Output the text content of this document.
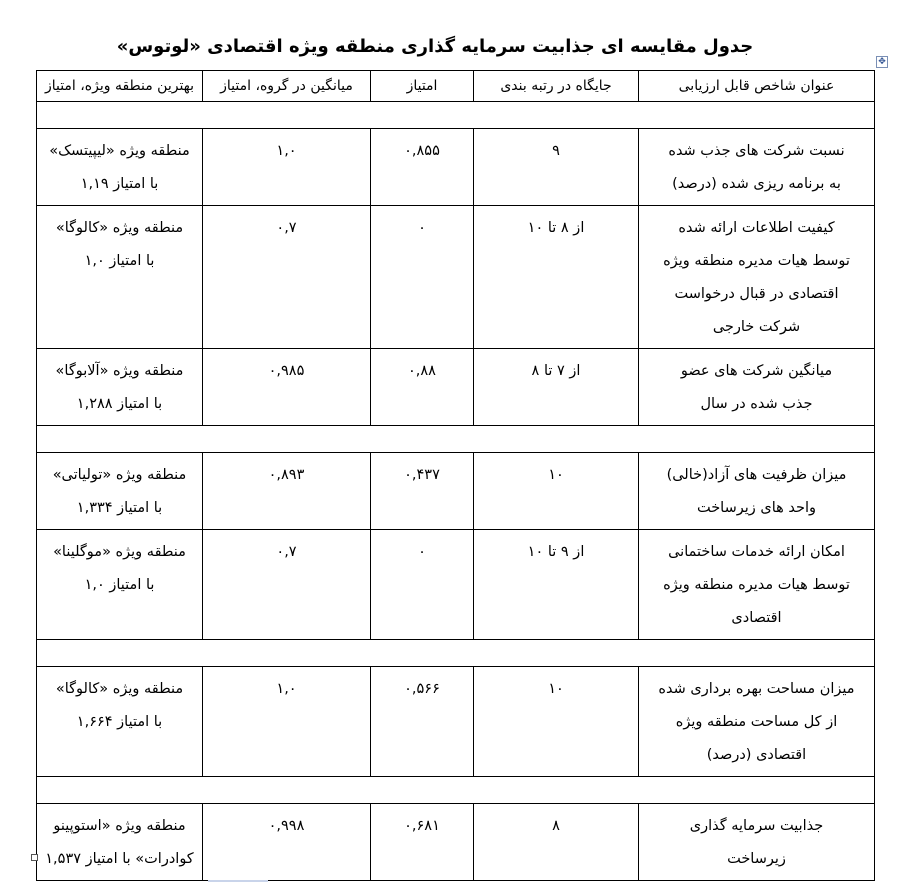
جدول مقایسه ای جذابیت سرمایه گذاری منطقه ویژه اقتصادی «لوتوس»
✥
عنوان شاخص قابل ارزیابی	جایگاه در رتبه بندی	امتیاز	میانگین در گروه، امتیاز	بهترین منطقه ویژه، امتیاز

نسبت شرکت های جذب شده
به برنامه ریزی شده (درصد)	۹	۰,۸۵۵	۱,۰	منطقه ویژه «لیپیتسک»
با امتیاز ۱,۱۹

کیفیت اطلاعات ارائه شده
توسط هیات مدیره منطقه ویژه
اقتصادی در قبال درخواست
شرکت خارجی	از ۸ تا ۱۰	۰	۰,۷	منطقه ویژه «کالوگا»
با امتیاز ۱,۰

میانگین شرکت های عضو
جذب شده در سال	از ۷ تا ۸	۰,۸۸	۰,۹۸۵	منطقه ویژه «آلابوگا»
با امتیاز ۱,۲۸۸

میزان ظرفیت های آزاد(خالی)
واحد های زیرساخت	۱۰	۰,۴۳۷	۰,۸۹۳	منطقه ویژه «تولیاتی»
با امتیاز ۱,۳۳۴

امکان ارائه خدمات ساختمانی
توسط هیات مدیره منطقه ویژه
اقتصادی	از ۹ تا ۱۰	۰	۰,۷	منطقه ویژه «موگلینا»
با امتیاز ۱,۰

میزان مساحت بهره برداری شده
از کل مساحت منطقه ویژه
اقتصادی (درصد)	۱۰	۰,۵۶۶	۱,۰	منطقه ویژه «کالوگا»
با امتیاز ۱,۶۶۴

جذابیت سرمایه گذاری
زیرساخت	۸	۰,۶۸۱	۰,۹۹۸	منطقه ویژه «استوپینو
کوادرات» با امتیاز ۱,۵۳۷
